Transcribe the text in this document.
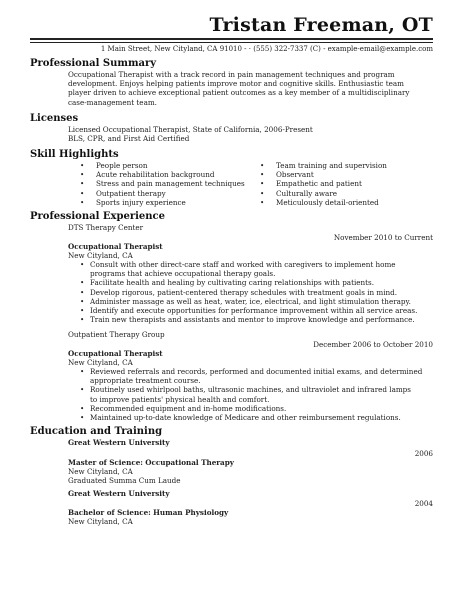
Tristan Freeman, OT
1 Main Street, New Cityland, CA 91010 - · (555) 322-7337 (C) - example-email@example.com
Professional Summary
Occupational Therapist with a track record in pain management techniques and program
development. Enjoys helping patients improve motor and cognitive skills. Enthusiastic team
player driven to achieve exceptional patient outcomes as a key member of a multidisciplinary
case-management team.
Licenses
Licensed Occupational Therapist, State of California, 2006-Present
BLS, CPR, and First Aid Certified
Skill Highlights
• People person
• Acute rehabilitation background
• Stress and pain management techniques
• Outpatient therapy
• Sports injury experience
• Team training and supervision
• Observant
• Empathetic and patient
• Culturally aware
• Meticulously detail-oriented
Professional Experience
DTS Therapy Center
November 2010 to Current
Occupational Therapist
New Cityland, CA
• Consult with other direct-care staff and worked with caregivers to implement home
programs that achieve occupational therapy goals.
• Facilitate health and healing by cultivating caring relationships with patients.
• Develop rigorous, patient-centered therapy schedules with treatment goals in mind.
• Administer massage as well as heat, water, ice, electrical, and light stimulation therapy.
• Identify and execute opportunities for performance improvement within all service areas.
• Train new therapists and assistants and mentor to improve knowledge and performance.
Outpatient Therapy Group
December 2006 to October 2010
Occupational Therapist
New Cityland, CA
• Reviewed referrals and records, performed and documented initial exams, and determined
appropriate treatment course.
• Routinely used whirlpool baths, ultrasonic machines, and ultraviolet and infrared lamps
to improve patients' physical health and comfort.
• Recommended equipment and in-home modifications.
• Maintained up-to-date knowledge of Medicare and other reimbursement regulations.
Education and Training
Great Western University
2006
Master of Science: Occupational Therapy
New Cityland, CA
Graduated Summa Cum Laude
Great Western University
2004
Bachelor of Science: Human Physiology
New Cityland, CA
